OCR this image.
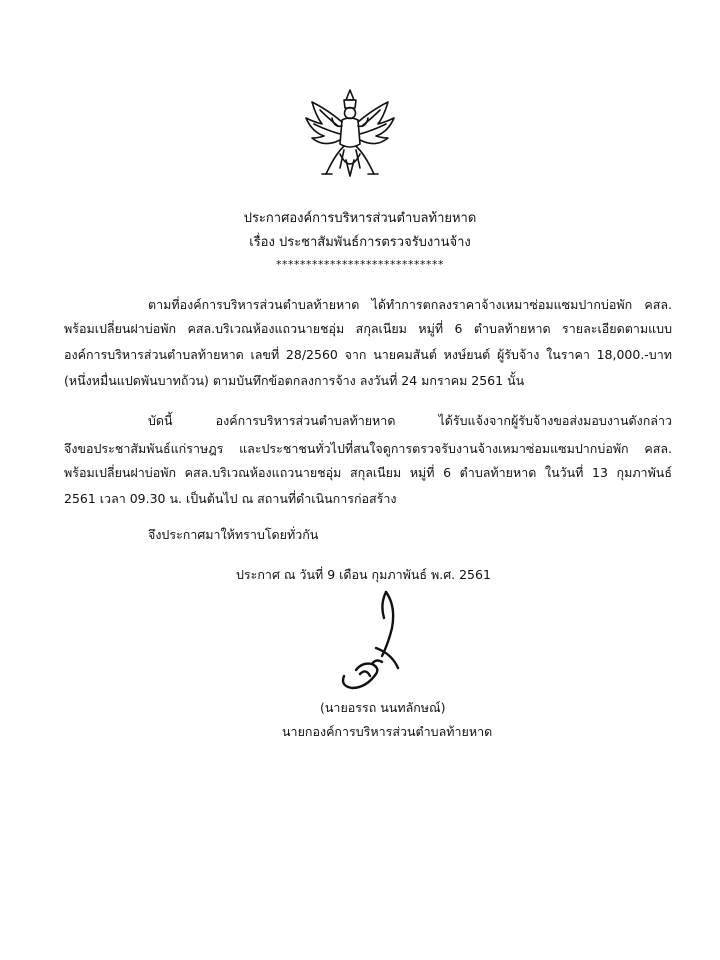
ประกาศองค์การบริหารส่วนตำบลท้ายหาด
เรื่อง ประชาสัมพันธ์การตรวจรับงานจ้าง
****************************
ตามที่องค์การบริหารส่วนตำบลท้ายหาด ได้ทำการตกลงราคาจ้างเหมาซ่อมแซมปากบ่อพัก คสล.
พร้อมเปลี่ยนฝาบ่อพัก คสล.บริเวณห้องแถวนายชอุ่ม สกุลเนียม หมู่ที่ 6 ตำบลท้ายหาด รายละเอียดตามแบบ
องค์การบริหารส่วนตำบลท้ายหาด เลขที่ 28/2560 จาก นายคมสันต์ หงษ์ยนต์ ผู้รับจ้าง ในราคา 18,000.-บาท
(หนึ่งหมื่นแปดพันบาทถ้วน) ตามบันทึกข้อตกลงการจ้าง ลงวันที่ 24 มกราคม 2561 นั้น
บัดนี้ องค์การบริหารส่วนตำบลท้ายหาด ได้รับแจ้งจากผู้รับจ้างขอส่งมอบงานดังกล่าว
จึงขอประชาสัมพันธ์แก่ราษฎร และประชาชนทั่วไปที่สนใจดูการตรวจรับงานจ้างเหมาซ่อมแซมปากบ่อพัก คสล.
พร้อมเปลี่ยนฝาบ่อพัก คสล.บริเวณห้องแถวนายชอุ่ม สกุลเนียม หมู่ที่ 6 ตำบลท้ายหาด ในวันที่ 13 กุมภาพันธ์
2561 เวลา 09.30 น. เป็นต้นไป ณ สถานที่ดำเนินการก่อสร้าง
จึงประกาศมาให้ทราบโดยทั่วกัน
ประกาศ ณ วันที่ 9 เดือน กุมภาพันธ์ พ.ศ. 2561
(นายอรรถ นนทลักษณ์)
นายกองค์การบริหารส่วนตำบลท้ายหาด
